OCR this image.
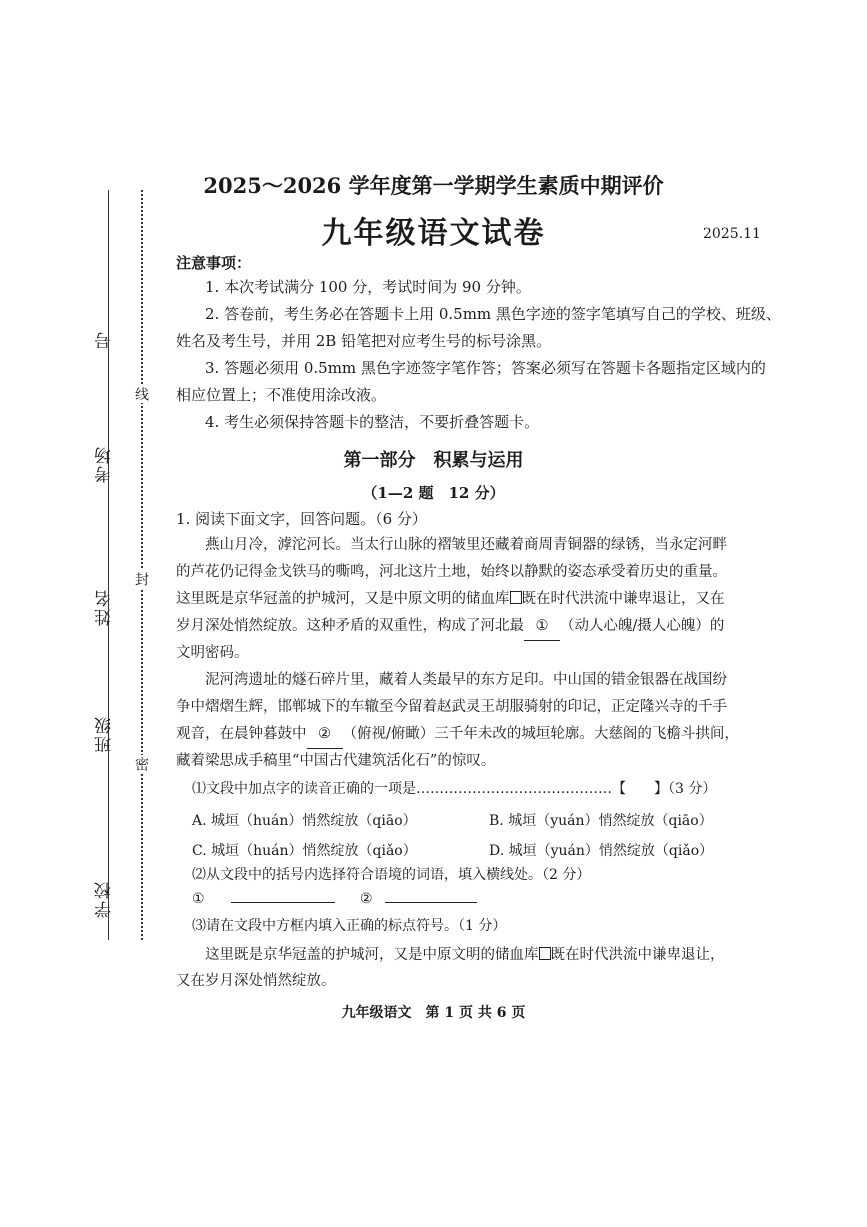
线
封
密
学校
班级
姓名
考场
号
2025～2026 学年度第一学期学生素质中期评价
九年级语文试卷	2025.11
注意事项：
1. 本次考试满分 100 分，考试时间为 90 分钟。
2. 答卷前，考生务必在答题卡上用 0.5mm 黑色字迹的签字笔填写自己的学校、班级、
姓名及考生号，并用 2B 铅笔把对应考生号的标号涂黑。
3. 答题必须用 0.5mm 黑色字迹签字笔作答；答案必须写在答题卡各题指定区域内的
相应位置上；不准使用涂改液。
4. 考生必须保持答题卡的整洁，不要折叠答题卡。
第一部分　积累与运用
（1—2 题　12 分）
1. 阅读下面文字，回答问题。（6 分）
燕山月冷，滹沱河长。当太行山脉的褶皱里还藏着商周青铜器的绿锈，当永定河畔
的芦花仍记得金戈铁马的嘶鸣，河北这片土地，始终以静默的姿态承受着历史的重量。
这里既是京华冠盖的护城河，又是中原文明的储血库 既在时代洪流中谦卑退让，又在
岁月深处悄然绽放。这种矛盾的双重性，构成了河北最 ① （动人心魄/摄人心魄）的
文明密码。
泥河湾遗址的燧石碎片里，藏着人类最早的东方足印。中山国的错金银器在战国纷
争中熠熠生辉，邯郸城下的车辙至今留着赵武灵王胡服骑射的印记，正定隆兴寺的千手
观音，在晨钟暮鼓中 ② （俯视/俯瞰）三千年未改的城垣轮廓。大慈阁的飞檐斗拱间，
藏着梁思成手稿里“中国古代建筑活化石”的惊叹。
⑴文段中加点字的读音正确的一项是……………………………………【　　】（3 分）
A. 城垣（huán）悄然绽放（qiāo）	B. 城垣（yuán）悄然绽放（qiāo）
C. 城垣（huán）悄然绽放（qiǎo）	D. 城垣（yuán）悄然绽放（qiǎo）
⑵从文段中的括号内选择符合语境的词语，填入横线处。（2 分）
①	②
⑶请在文段中方框内填入正确的标点符号。（1 分）
这里既是京华冠盖的护城河，又是中原文明的储血库 既在时代洪流中谦卑退让，
又在岁月深处悄然绽放。
九年级语文　第 1 页 共 6 页
